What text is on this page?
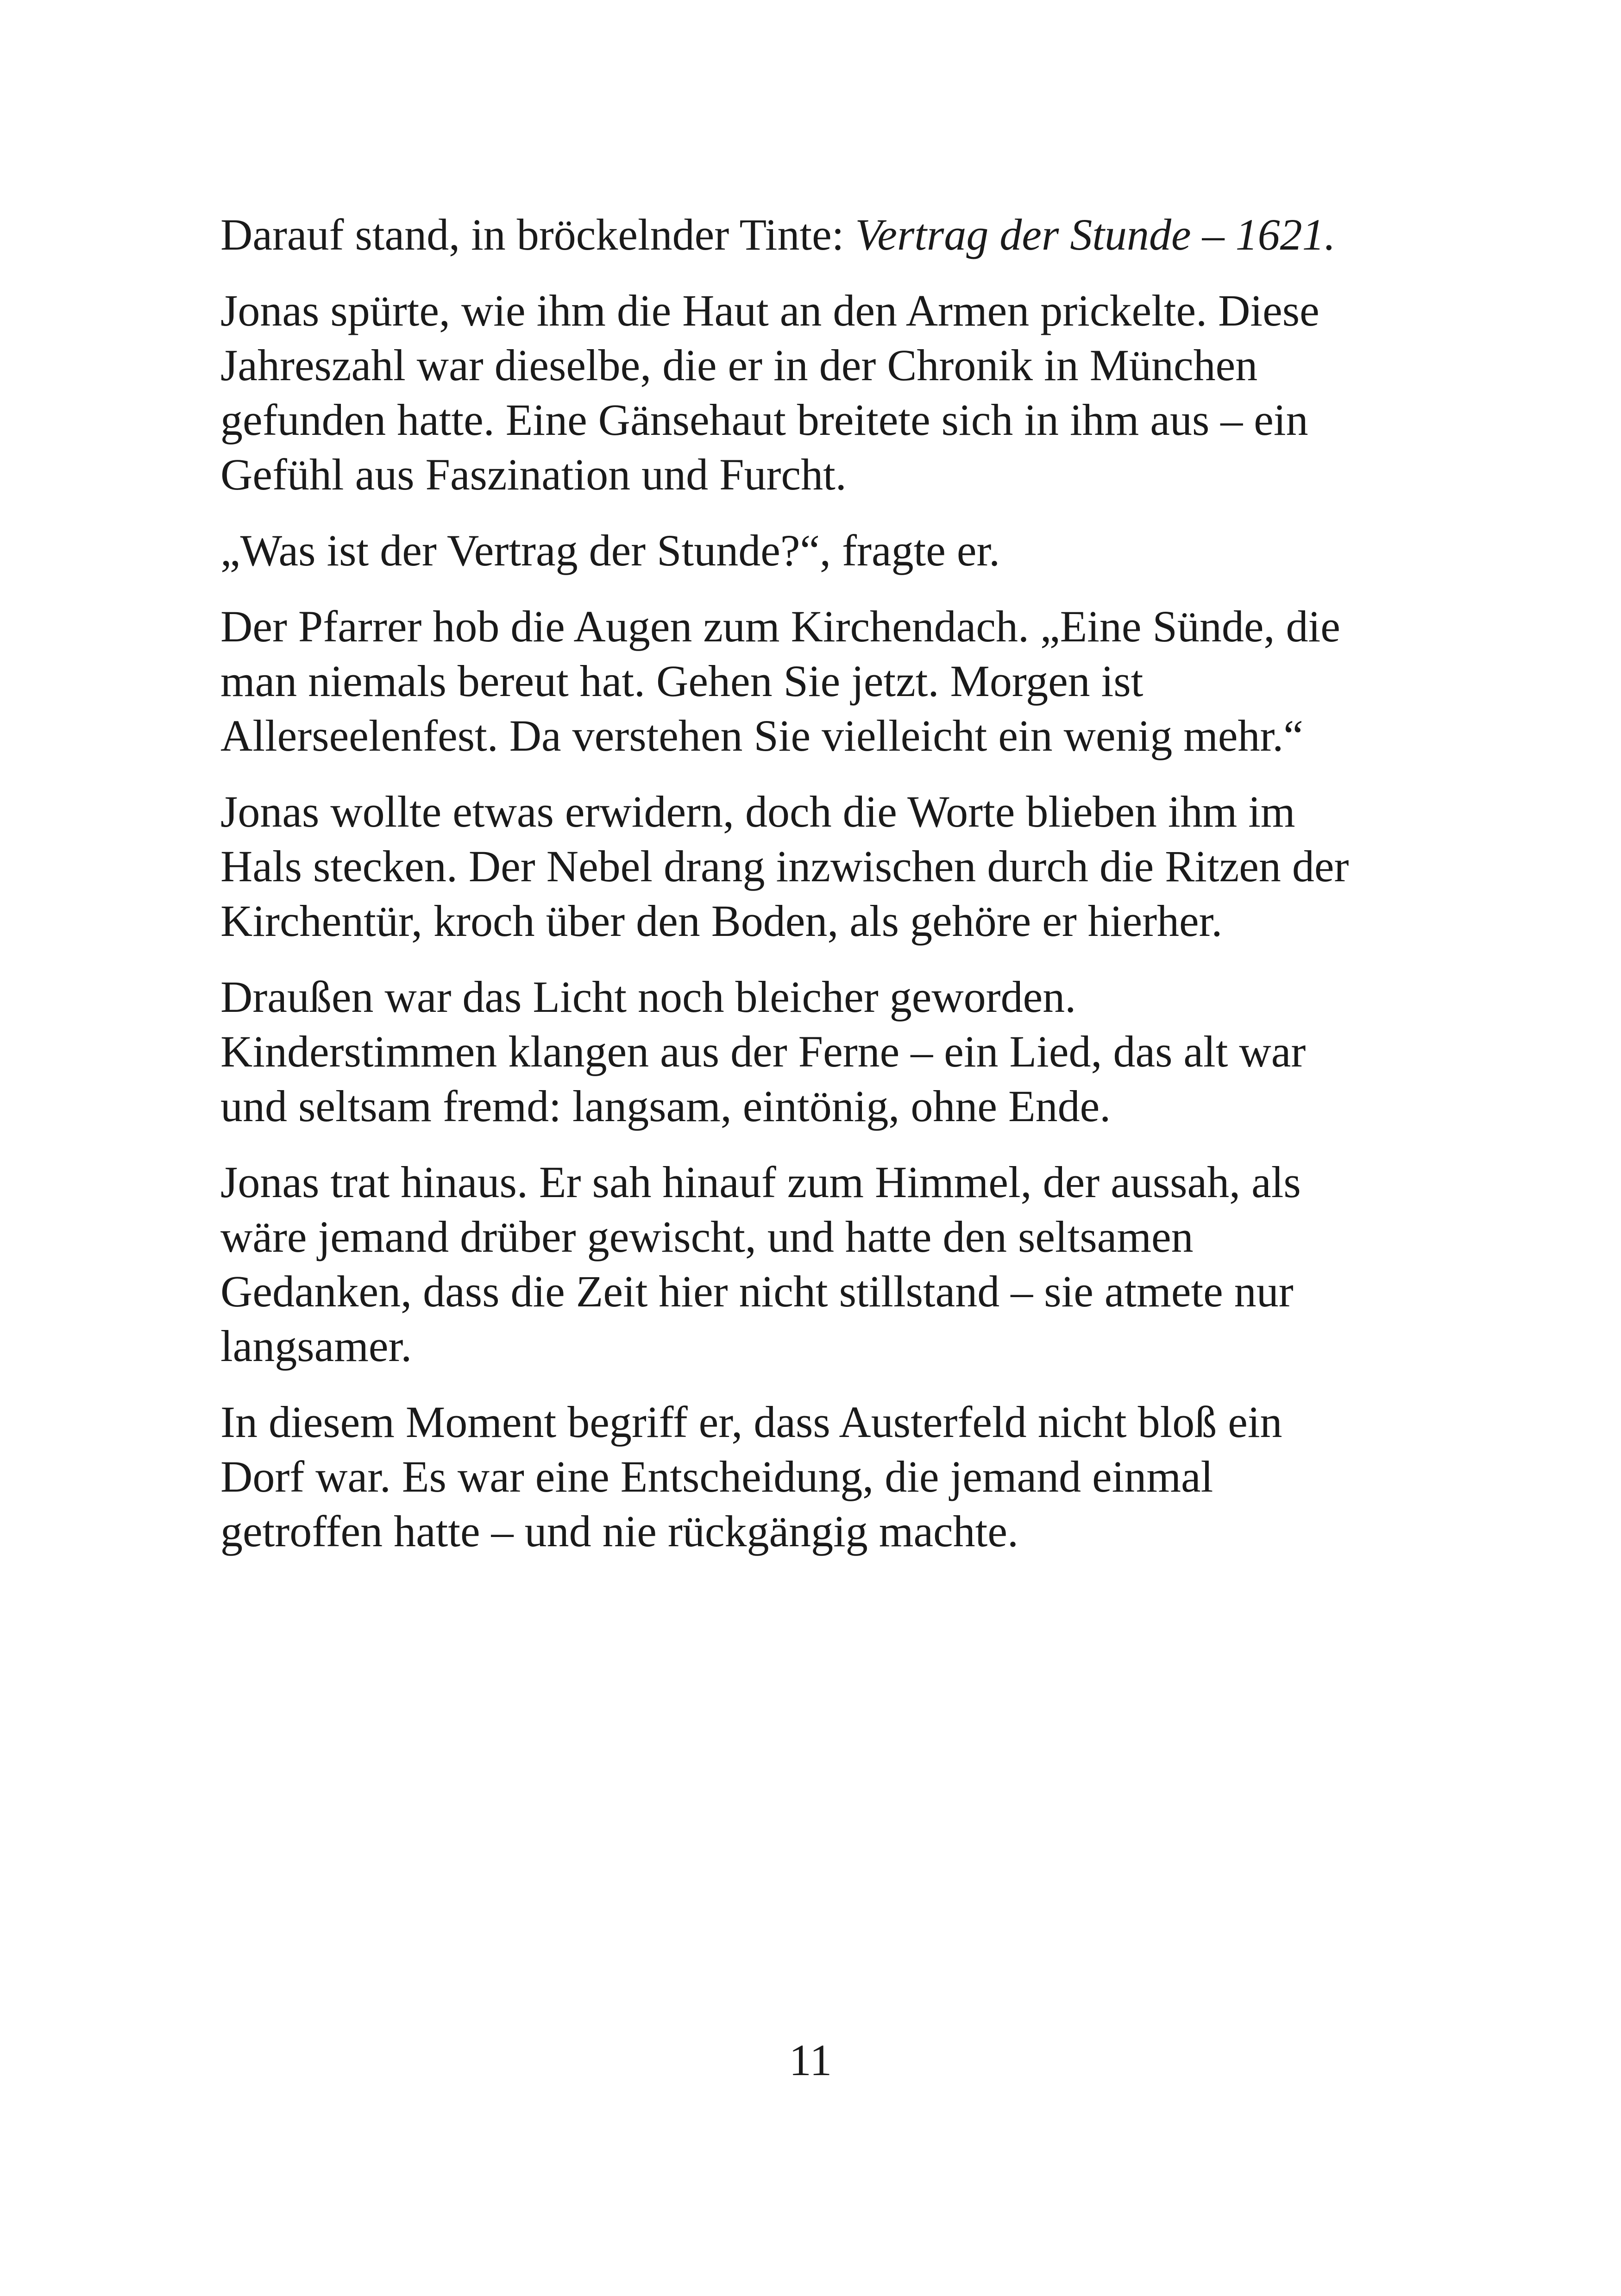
Darauf stand, in bröckelnder Tinte: Vertrag der Stunde – 1621.

Jonas spürte, wie ihm die Haut an den Armen prickelte. Diese
Jahreszahl war dieselbe, die er in der Chronik in München
gefunden hatte. Eine Gänsehaut breitete sich in ihm aus – ein
Gefühl aus Faszination und Furcht.

„Was ist der Vertrag der Stunde?“, fragte er.

Der Pfarrer hob die Augen zum Kirchendach. „Eine Sünde, die
man niemals bereut hat. Gehen Sie jetzt. Morgen ist
Allerseelenfest. Da verstehen Sie vielleicht ein wenig mehr.“

Jonas wollte etwas erwidern, doch die Worte blieben ihm im
Hals stecken. Der Nebel drang inzwischen durch die Ritzen der
Kirchentür, kroch über den Boden, als gehöre er hierher.

Draußen war das Licht noch bleicher geworden.
Kinderstimmen klangen aus der Ferne – ein Lied, das alt war
und seltsam fremd: langsam, eintönig, ohne Ende.

Jonas trat hinaus. Er sah hinauf zum Himmel, der aussah, als
wäre jemand drüber gewischt, und hatte den seltsamen
Gedanken, dass die Zeit hier nicht stillstand – sie atmete nur
langsamer.

In diesem Moment begriff er, dass Austerfeld nicht bloß ein
Dorf war. Es war eine Entscheidung, die jemand einmal
getroffen hatte – und nie rückgängig machte.

11
